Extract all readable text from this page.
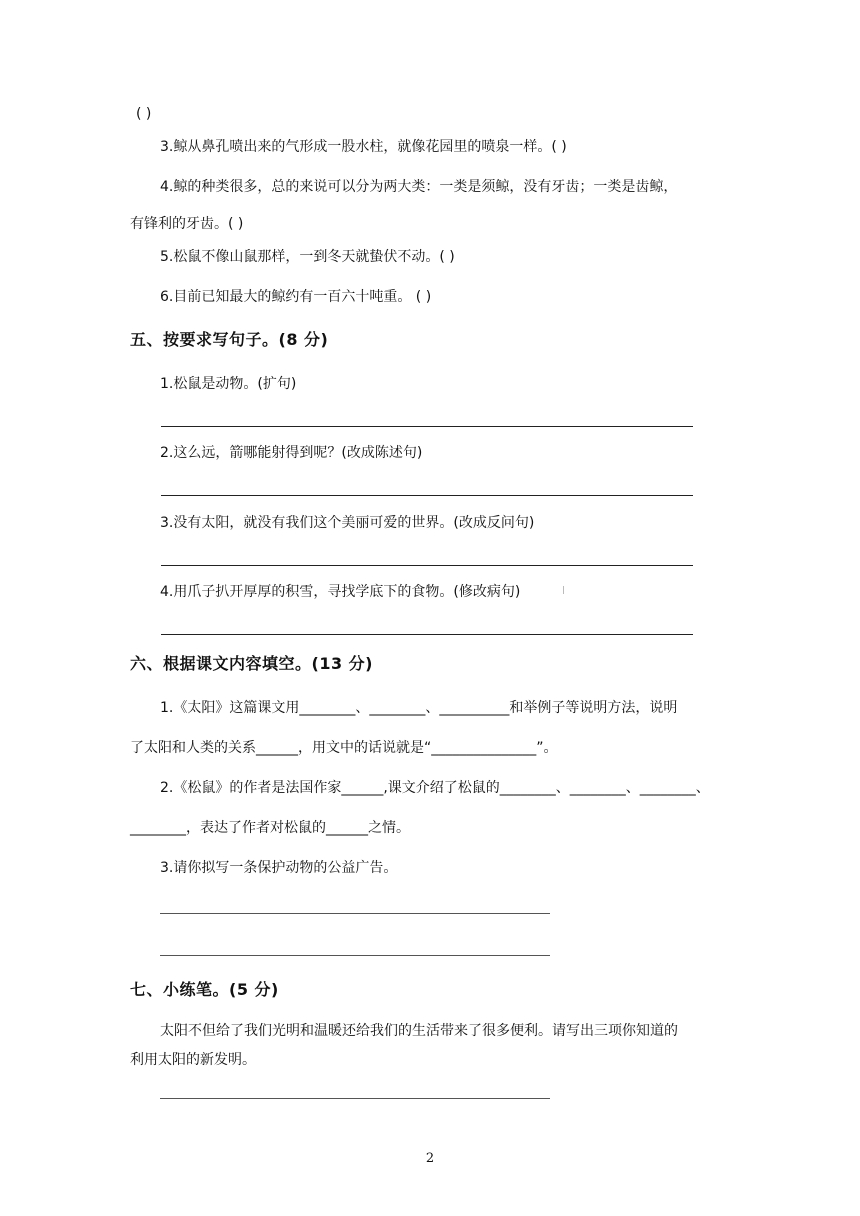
( )
3.鲸从鼻孔喷出来的气形成一股水柱，就像花园里的喷泉一样。( )
4.鲸的种类很多，总的来说可以分为两大类：一类是须鲸，没有牙齿；一类是齿鲸，
有锋利的牙齿。( )
5.松鼠不像山鼠那样，一到冬天就蛰伏不动。( )
6.目前已知最大的鲸约有一百六十吨重。 ( )
五、按要求写句子。(8 分)
1.松鼠是动物。(扩句)
2.这么远，箭哪能射得到呢？(改成陈述句)
3.没有太阳，就没有我们这个美丽可爱的世界。(改成反问句)
4.用爪子扒开厚厚的积雪，寻找学底下的食物。(修改病句)
六、根据课文内容填空。(13 分)
1.《太阳》这篇课文用________、________、__________和举例子等说明方法，说明
了太阳和人类的关系______，用文中的话说就是“_______________”。
2.《松鼠》的作者是法国作家______,课文介绍了松鼠的________、________、________、
________，表达了作者对松鼠的______之情。
3.请你拟写一条保护动物的公益广告。
七、小练笔。(5 分)
太阳不但给了我们光明和温暖还给我们的生活带来了很多便利。请写出三项你知道的
利用太阳的新发明。
2
